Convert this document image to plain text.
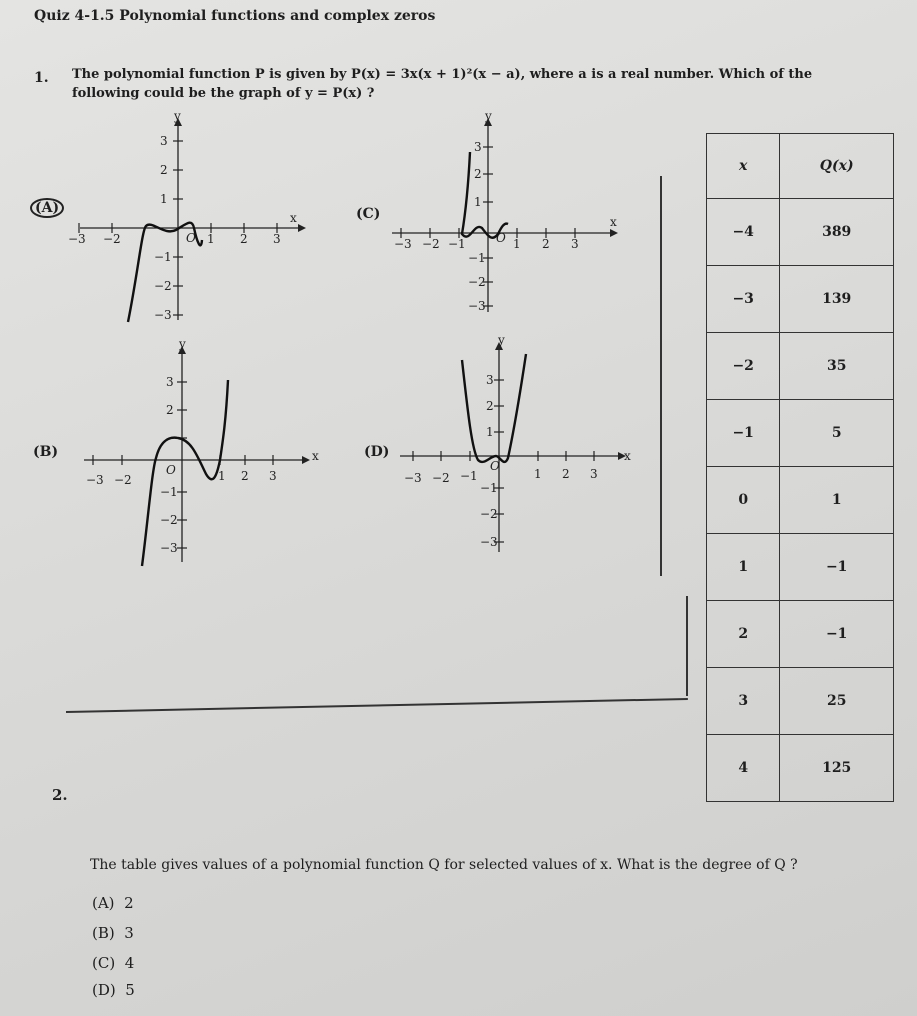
Quiz 4-1.5 Polynomial functions and complex zeros
1. The polynomial function P is given by P(x) = 3x(x + 1)²(x − a), where a is a real number. Which of the
following could be the graph of y = P(x) ?
(A)
y
x
−3 −2	1 2 3
O
3
2
1
−1
−2
−3
(C)
y
x
−3 −2 −1	1 2 3
O
3
2
1
−1
−2
−3
(B)
y
x
−3 −2	1 2 3
O
3
2
−1
−2
−3
(D)
y
x
−3 −2 −1	1 2 3
O
3
2
1
−1
−2
−3
x	Q(x)
−4	389
−3	139
−2	35
−1	5
0	1
1	−1
2	−1
3	25
4	125
2.
The table gives values of a polynomial function Q for selected values of x. What is the degree of Q ?
(A) 2
(B) 3
(C) 4
(D) 5
